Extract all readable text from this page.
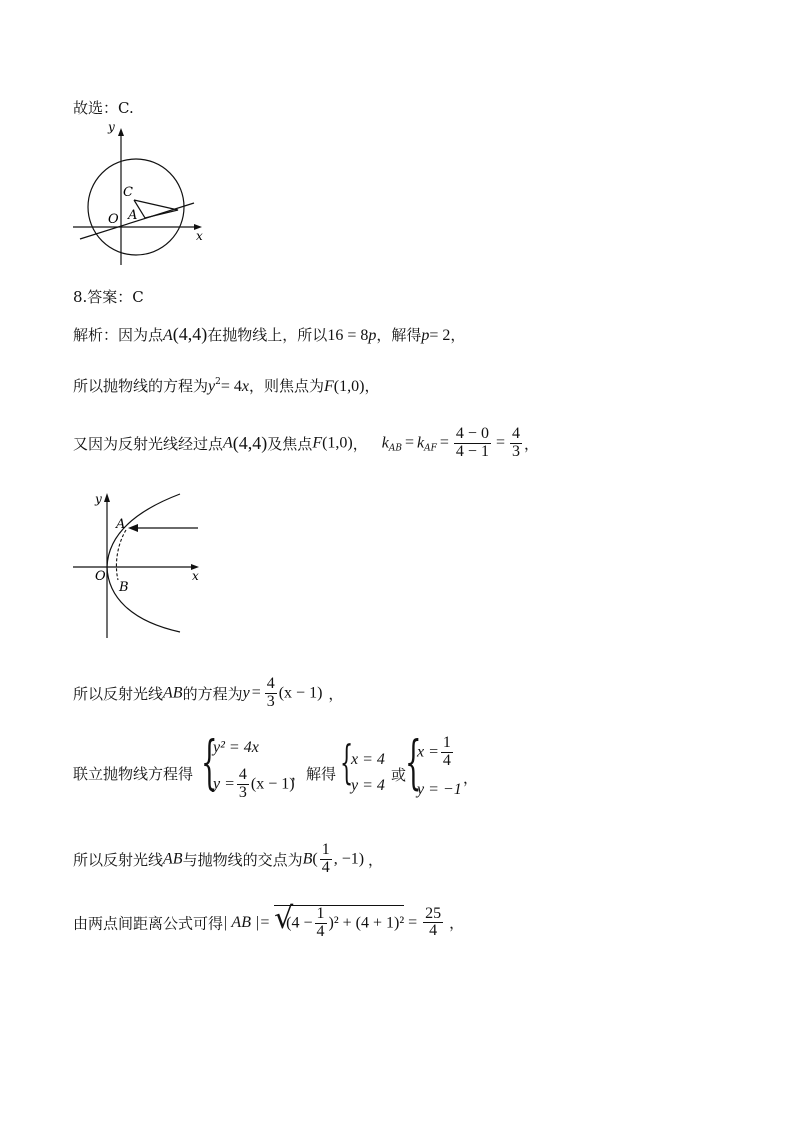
故选：C.
y
x
O
C
A
8.答案：C
解析：因为点A(4,4)在抛物线上，所以16 = 8p，解得p= 2，
所以抛物线的方程为$y^2= 4x$，则焦点为F(1,0)，
又因为反射光线经过点A(4,4)及焦点F(1,0)， $k_{AB} = k_{AF} = \frac{4 - 0}{4 - 1} = \frac{4}{3}$ ，
y
x
O
A
B
所以反射光线AB的方程为$y = \frac{4}{3} (x - 1)$ ，
联立抛物线方程得 {
y² = 4x
$y = \frac{4}{3} (x - 1)$
，解得 {
x = 4
y = 4
或
{
$x = \frac{1}{4}$
y = −1
，
所以反射光线AB与抛物线的交点为$B( \frac{1}{4}$ , −1) ，
由两点间距离公式可得| AB |= √
$(4 - \frac{1}{4} )^2 + (4 + 1)^2 = \frac{25}{4}$ ，
